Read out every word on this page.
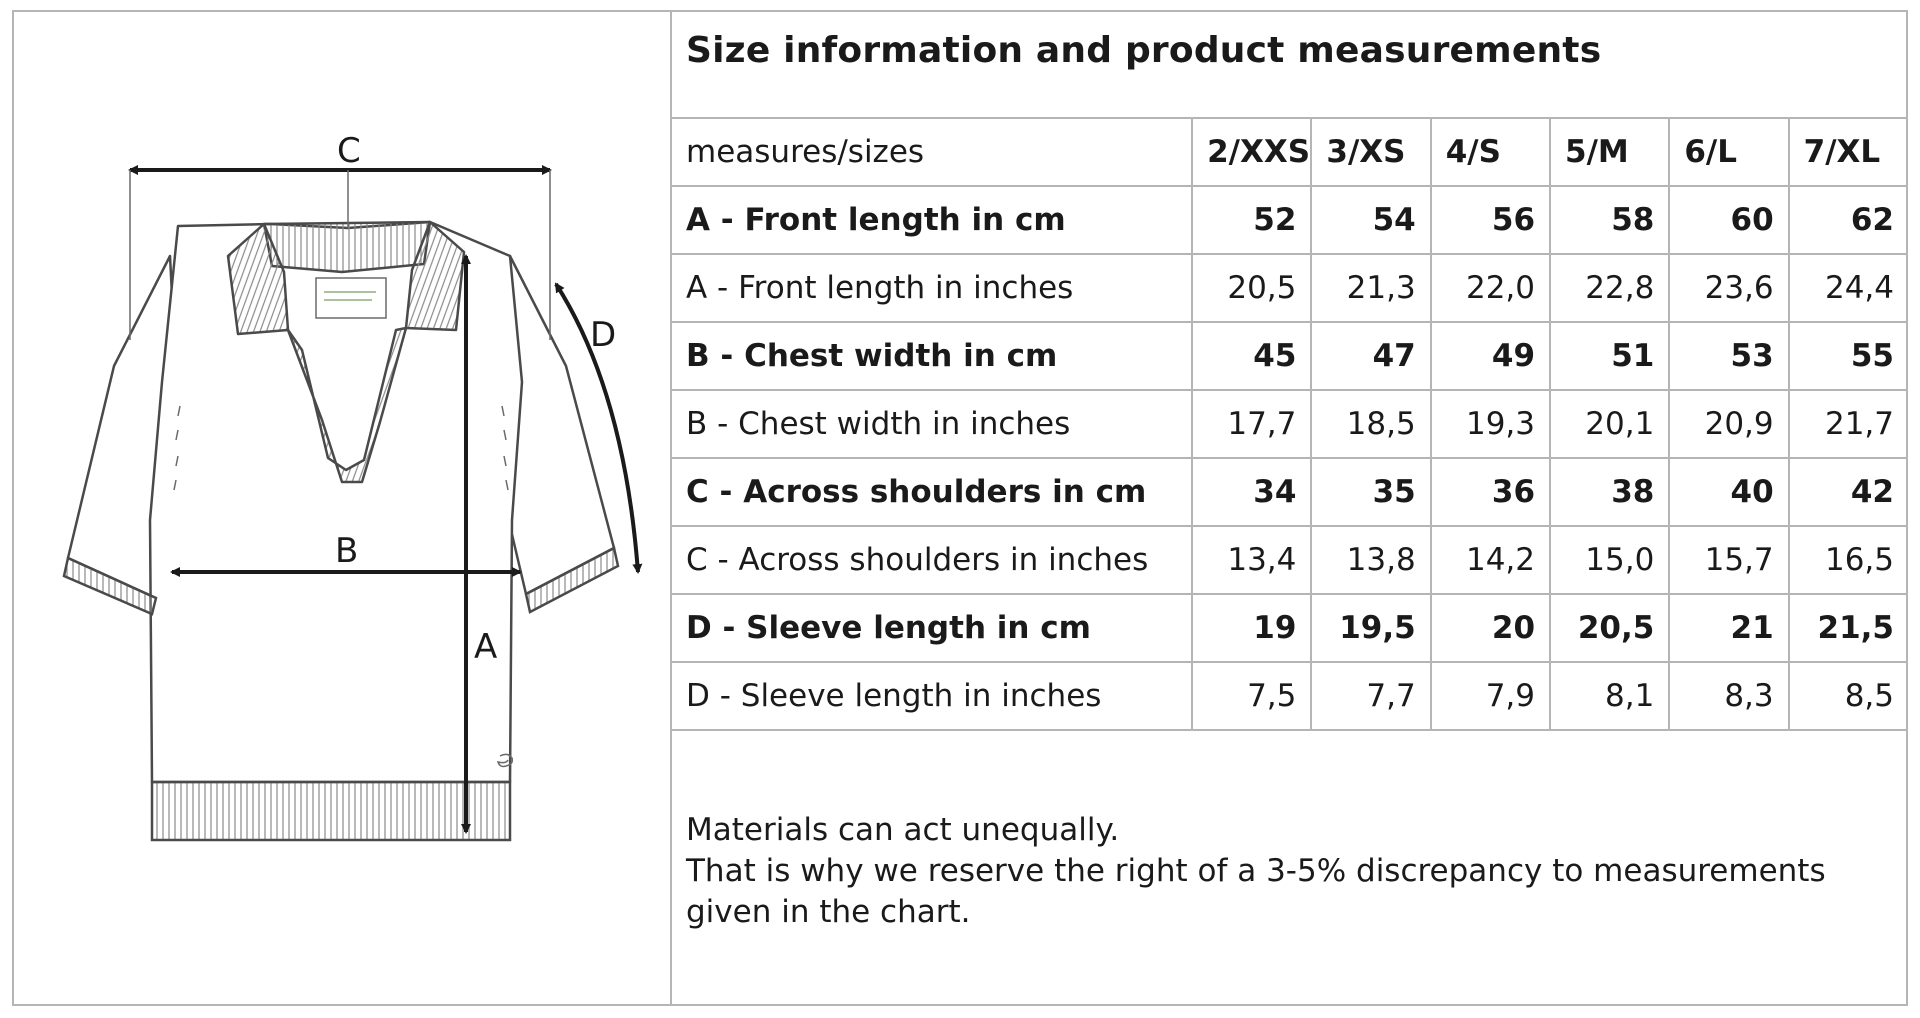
C
A
B
D
Size information and product measurements
measures/sizes	2/XXS	3/XS	4/S	5/M	6/L	7/XL
A - Front length in cm	52	54	56	58	60	62
A - Front length in inches	20,5	21,3	22,0	22,8	23,6	24,4
B - Chest width in cm	45	47	49	51	53	55
B - Chest width in inches	17,7	18,5	19,3	20,1	20,9	21,7
C - Across shoulders in cm	34	35	36	38	40	42
C - Across shoulders in inches	13,4	13,8	14,2	15,0	15,7	16,5
D - Sleeve length in cm	19	19,5	20	20,5	21	21,5
D - Sleeve length in inches	7,5	7,7	7,9	8,1	8,3	8,5
Materials can act unequally.
That is why we reserve the right of a 3-5% discrepancy to measurements
given in the chart.
